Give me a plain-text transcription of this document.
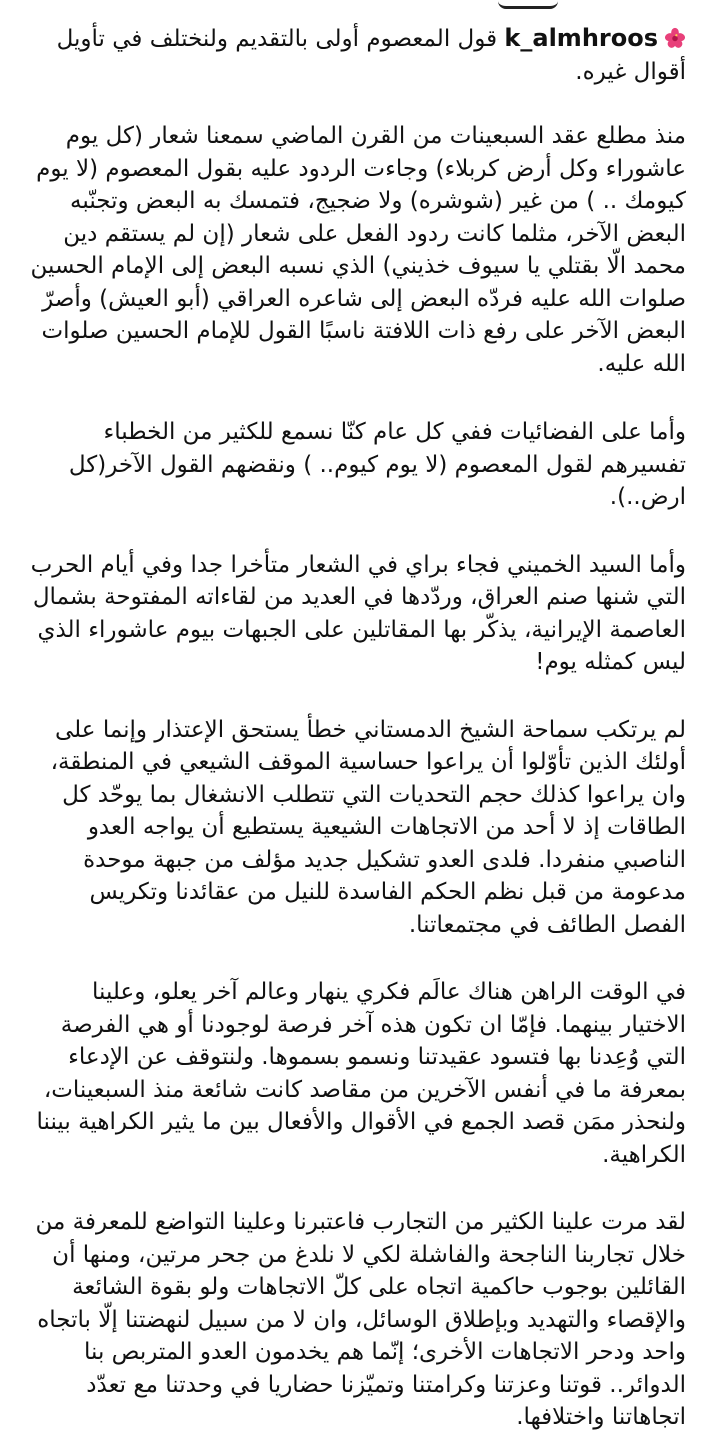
k_almhroos قول المعصوم أولى بالتقديم ولنختلف في تأويل أقوال غيره.

منذ مطلع عقد السبعينات من القرن الماضي سمعنا شعار (كل يوم عاشوراء وكل أرض كربلاء) وجاءت الردود عليه بقول المعصوم (لا يوم كيومك .. ) من غير (شوشره) ولا ضجيج، فتمسك به البعض وتجنّبه البعض الآخر، مثلما كانت ردود الفعل على شعار (إن لم يستقم دين محمد الّا بقتلي يا سيوف خذيني) الذي نسبه البعض إلى الإمام الحسين صلوات الله عليه فردّه البعض إلى شاعره العراقي (أبو العيش) وأصرّ البعض الآخر على رفع ذات اللافتة ناسبًا القول للإمام الحسين صلوات الله عليه.

وأما على الفضائيات ففي كل عام كنّا نسمع للكثير من الخطباء تفسيرهم لقول المعصوم (لا يوم كيوم.. ) ونقضهم القول الآخر(كل ارض..).

وأما السيد الخميني فجاء براي في الشعار متأخرا جدا وفي أيام الحرب التي شنها صنم العراق، وردّدها في العديد من لقاءاته المفتوحة بشمال العاصمة الإيرانية، يذكّر بها المقاتلين على الجبهات بيوم عاشوراء الذي ليس كمثله يوم!

لم يرتكب سماحة الشيخ الدمستاني خطأ يستحق الإعتذار وإنما على أولئك الذين تأوّلوا أن يراعوا حساسية الموقف الشيعي في المنطقة، وان يراعوا كذلك حجم التحديات التي تتطلب الانشغال بما يوحّد كل الطاقات إذ لا أحد من الاتجاهات الشيعية يستطيع أن يواجه العدو الناصبي منفردا. فلدى العدو تشكيل جديد مؤلف من جبهة موحدة مدعومة من قبل نظم الحكم الفاسدة للنيل من عقائدنا وتكريس الفصل الطائف في مجتمعاتنا.

في الوقت الراهن هناك عالَم فكري ينهار وعالم آخر يعلو، وعلينا الاختيار بينهما. فإمّا ان تكون هذه آخر فرصة لوجودنا أو هي الفرصة التي وُعِدنا بها فتسود عقيدتنا ونسمو بسموها. ولنتوقف عن الإدعاء بمعرفة ما في أنفس الآخرين من مقاصد كانت شائعة منذ السبعينات، ولنحذر ممَن قصد الجمع في الأقوال والأفعال بين ما يثير الكراهية بيننا الكراهية.

لقد مرت علينا الكثير من التجارب فاعتبرنا وعلينا التواضع للمعرفة من خلال تجاربنا الناجحة والفاشلة لكي لا نلدغ من جحر مرتين، ومنها أن القائلين بوجوب حاكمية اتجاه على كلّ الاتجاهات ولو بقوة الشائعة والإقصاء والتهديد وبإطلاق الوسائل، وان لا من سبيل لنهضتنا إلّا باتجاه واحد ودحر الاتجاهات الأخرى؛ إنّما هم يخدمون العدو المتربص بنا الدوائر.. قوتنا وعزتنا وكرامتنا وتميّزنا حضاريا في وحدتنا مع تعدّد اتجاهاتنا واختلافها.
